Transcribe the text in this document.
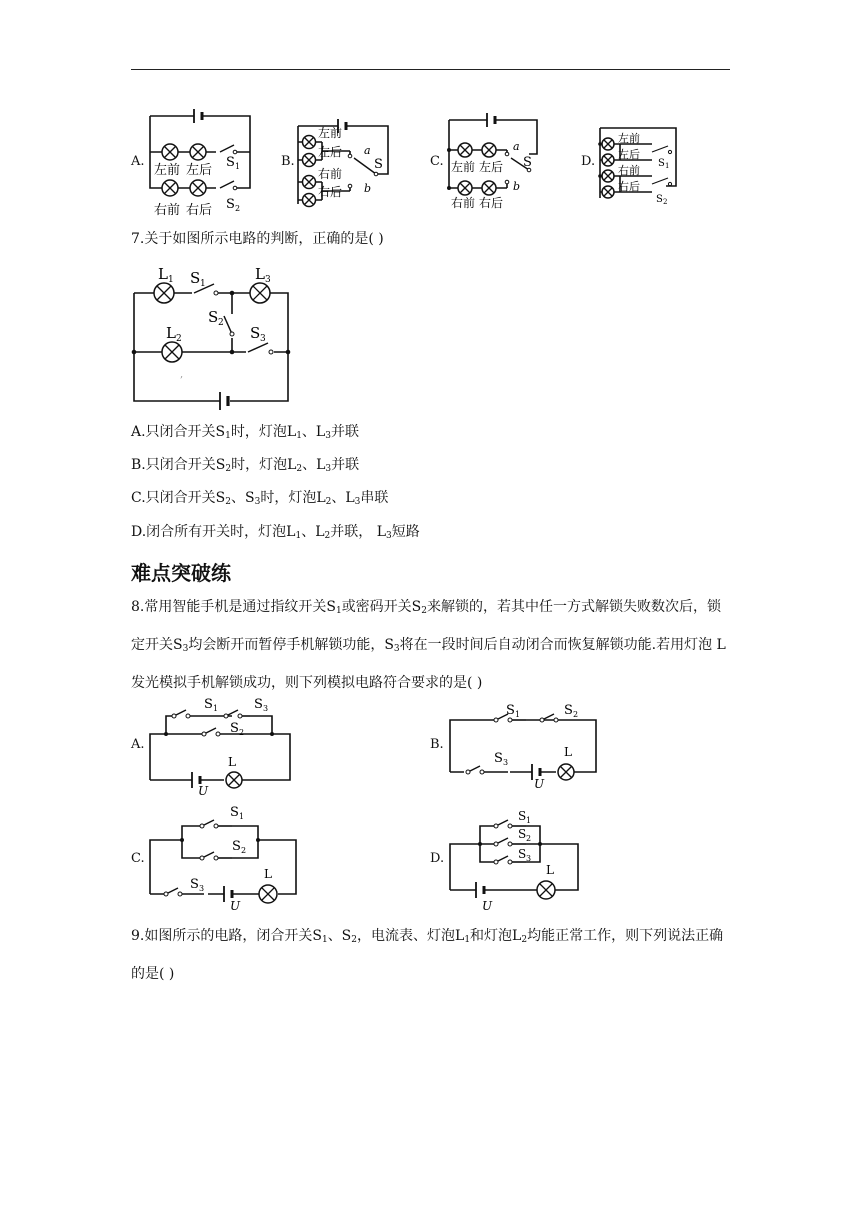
A.
左前 左后
右前 右后
S 1
S 2
B.
左前
左后
右前
右后
a
b
S	C. 左前 左后
右前 右后
a
b
S	D.
左前
左后
右前
右后
S 1
S 2
7.关于如图所示电路的判断，正确的是( )
,
L 1 S 1
L 3
L 2
S 2
S 3
A.只闭合开关$S_1$时，灯泡$L_1$、$L_3$并联
B.只闭合开关$S_2$时，灯泡$L_2$、$L_3$并联
C.只闭合开关$S_2$、$S_3$时，灯泡$L_2$、$L_3$串联
D.闭合所有开关时，灯泡$L_1$、$L_2$并联， $L_3$短路
难点突破练
8.常用智能手机是通过指纹开关$S_1$或密码开关$S_2$来解锁的，若其中任一方式解锁失败数次后，锁定开关$S_3$均会断开而暂停手机解锁功能，$S_3$将在一段时间后自动闭合而恢复解锁功能.若用灯泡 L 发光模拟手机解锁成功，则下列模拟电路符合要求的是( )
A.
S 1	S 3
S 2
L
U
B.
S 1	S 2
S 3
L
U
C.
S 1
S 2
S 3
L
U
D.
S 1
S 2
S 3
L
U
9.如图所示的电路，闭合开关$S_1$、$S_2$，电流表、灯泡$L_1$和灯泡$L_2$均能正常工作，则下列说法正确的是( )
